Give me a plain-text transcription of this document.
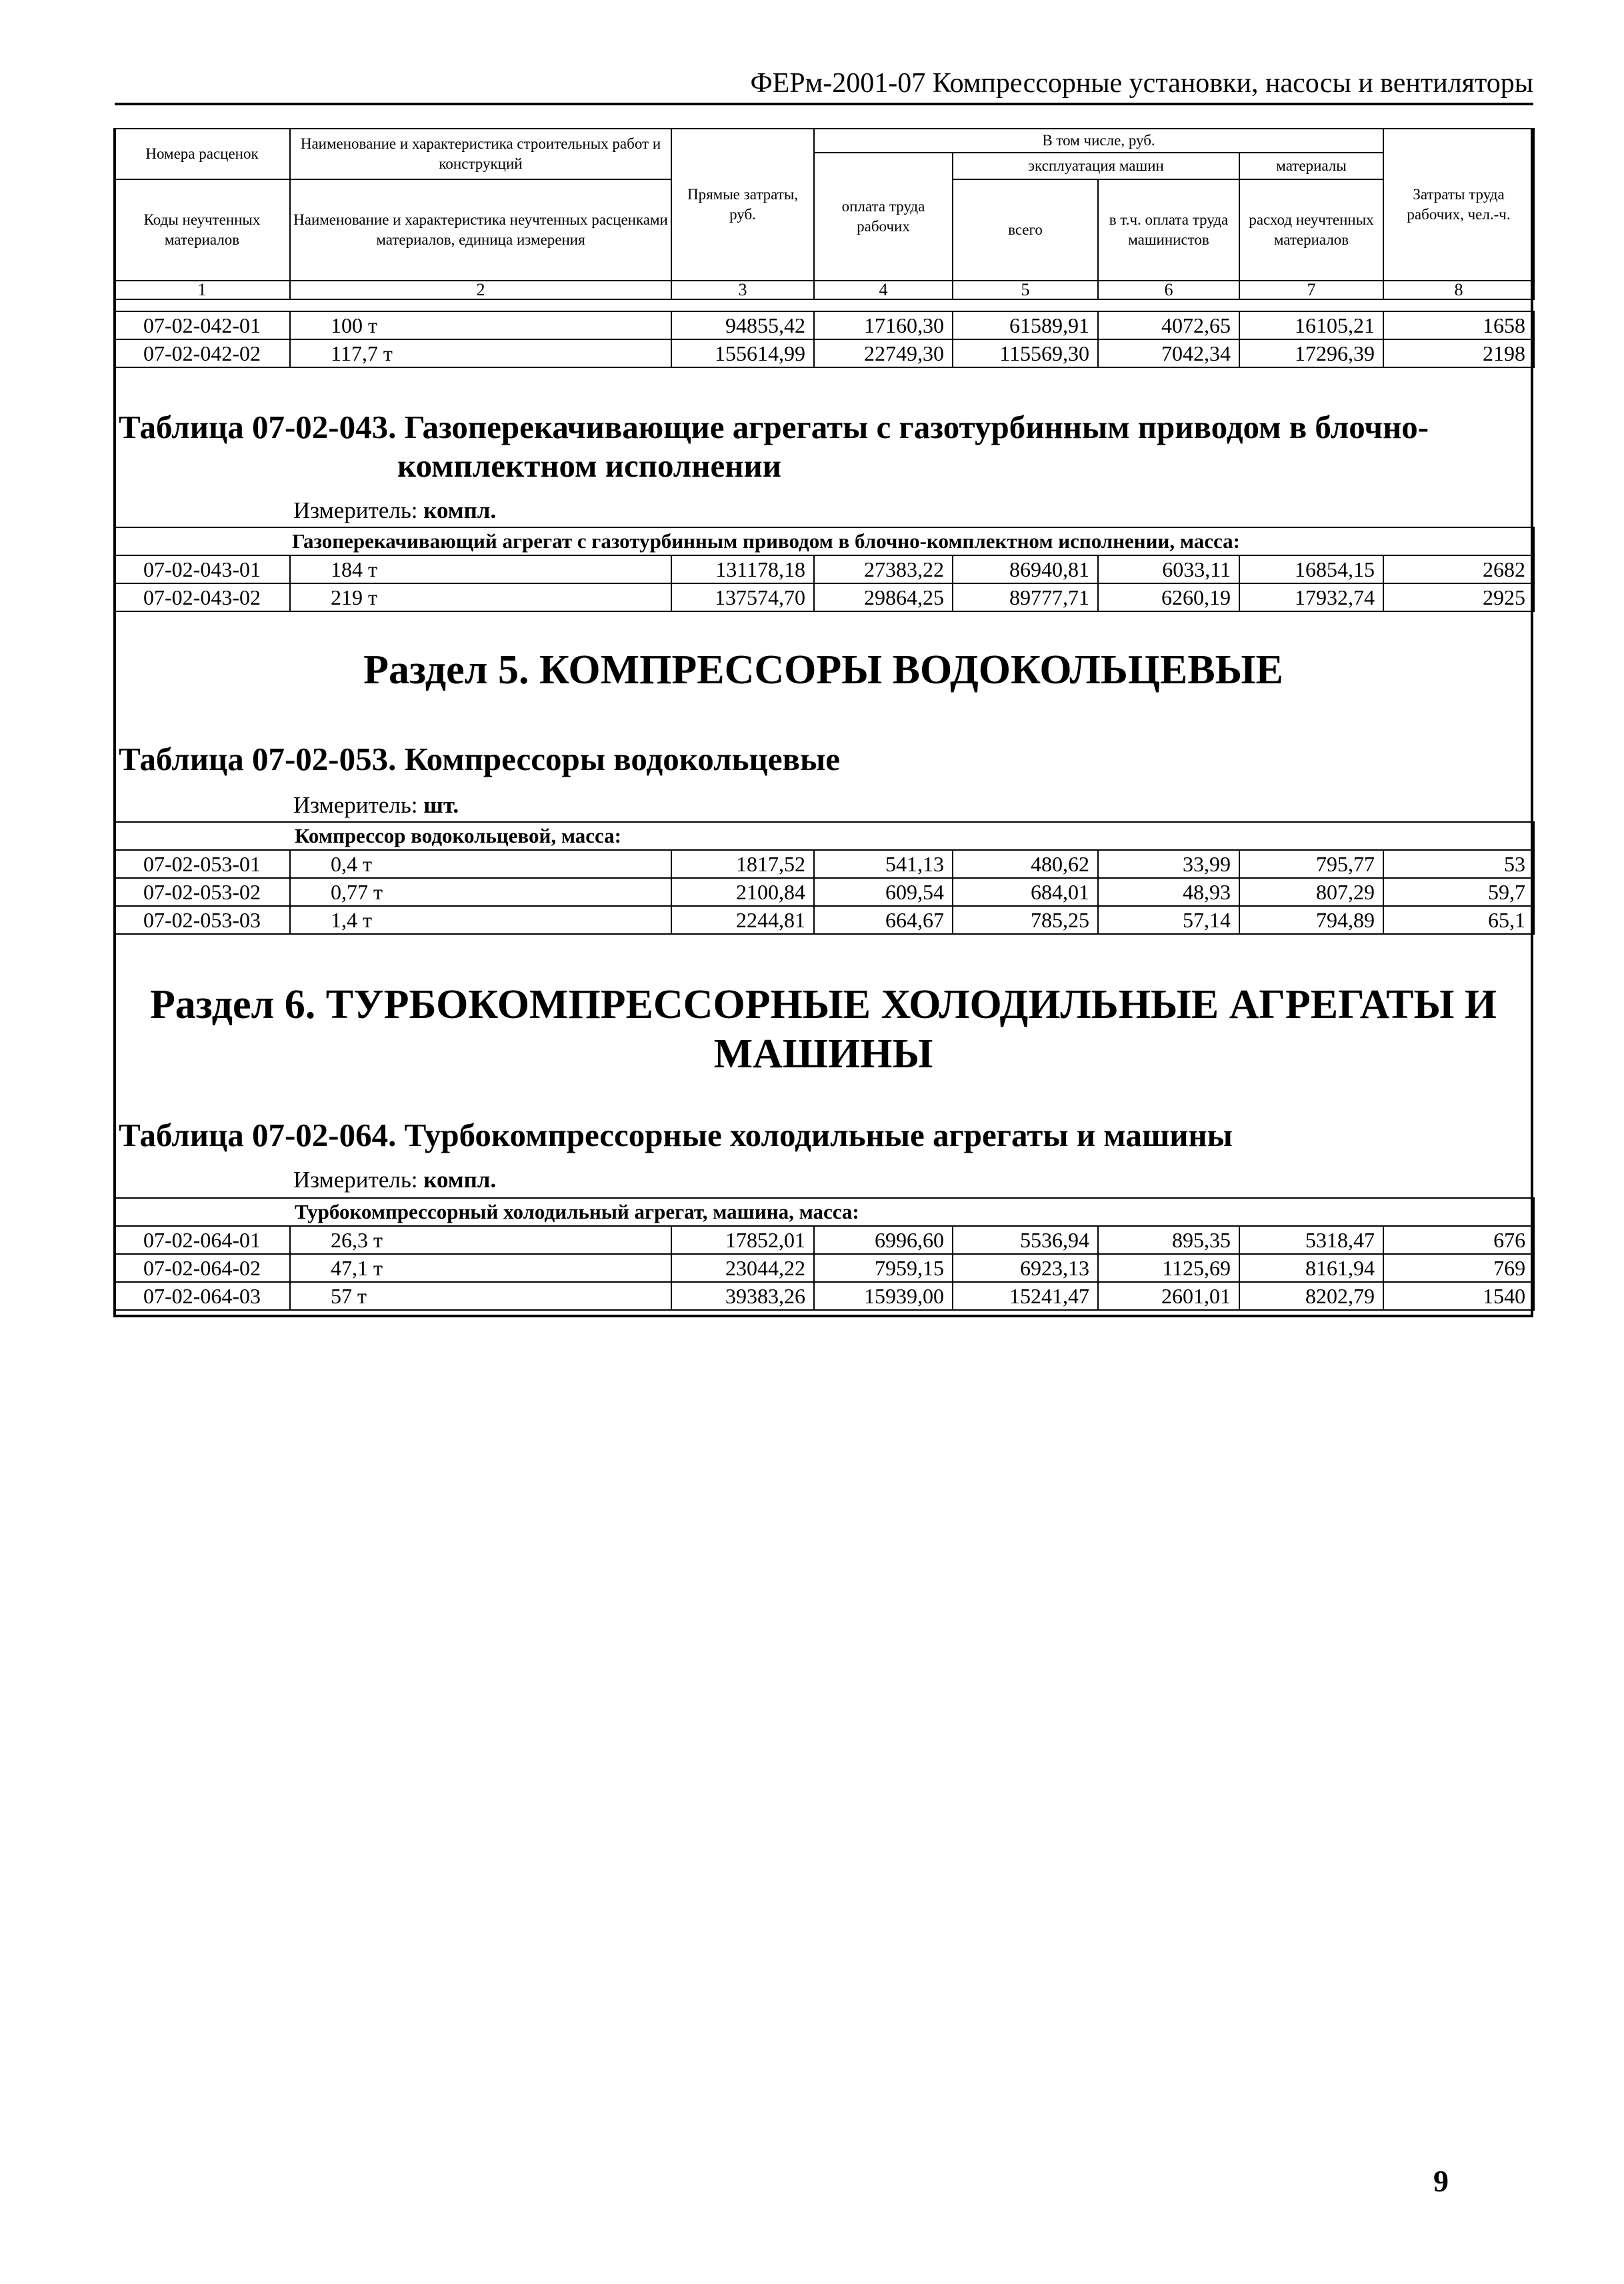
ФЕРм-2001-07 Компрессорные установки, насосы и вентиляторы
Номера расценок	Наименование и характеристика строительных работ и конструкций	Прямые затраты, руб.	В том числе, руб.				Затраты труда рабочих, чел.-ч.
			оплата труда рабочих	эксплуатация машин		материалы	
Коды неучтенных материалов	Наименование и характеристика неучтенных расценками материалов, единица измерения			всего	в т.ч. оплата труда машинистов	расход неучтенных материалов	

1	2	3	4	5	6	7	8
07-02-042-01	100 т	94855,42	17160,30	61589,91	4072,65	16105,21	1658
07-02-042-02	117,7 т	155614,99	22749,30	115569,30	7042,34	17296,39	2198
Таблица 07-02-043. Газоперекачивающие агрегаты с газотурбинным приводом в блочно-
комплектном исполнении
Измеритель: компл.
Газоперекачивающий агрегат с газотурбинным приводом в блочно-комплектном исполнении, масса:							
07-02-043-01	184 т	131178,18	27383,22	86940,81	6033,11	16854,15	2682
07-02-043-02	219 т	137574,70	29864,25	89777,71	6260,19	17932,74	2925
Раздел 5. КОМПРЕССОРЫ ВОДОКОЛЬЦЕВЫЕ
Таблица 07-02-053. Компрессоры водокольцевые
Измеритель: шт.
Компрессор водокольцевой, масса:							
07-02-053-01	0,4 т	1817,52	541,13	480,62	33,99	795,77	53
07-02-053-02	0,77 т	2100,84	609,54	684,01	48,93	807,29	59,7
07-02-053-03	1,4 т	2244,81	664,67	785,25	57,14	794,89	65,1
Раздел 6. ТУРБОКОМПРЕССОРНЫЕ ХОЛОДИЛЬНЫЕ АГРЕГАТЫ И
МАШИНЫ
Таблица 07-02-064. Турбокомпрессорные холодильные агрегаты и машины
Измеритель: компл.
Турбокомпрессорный холодильный агрегат, машина, масса:							
07-02-064-01	26,3 т	17852,01	6996,60	5536,94	895,35	5318,47	676
07-02-064-02	47,1 т	23044,22	7959,15	6923,13	1125,69	8161,94	769
07-02-064-03	57 т	39383,26	15939,00	15241,47	2601,01	8202,79	1540
9
